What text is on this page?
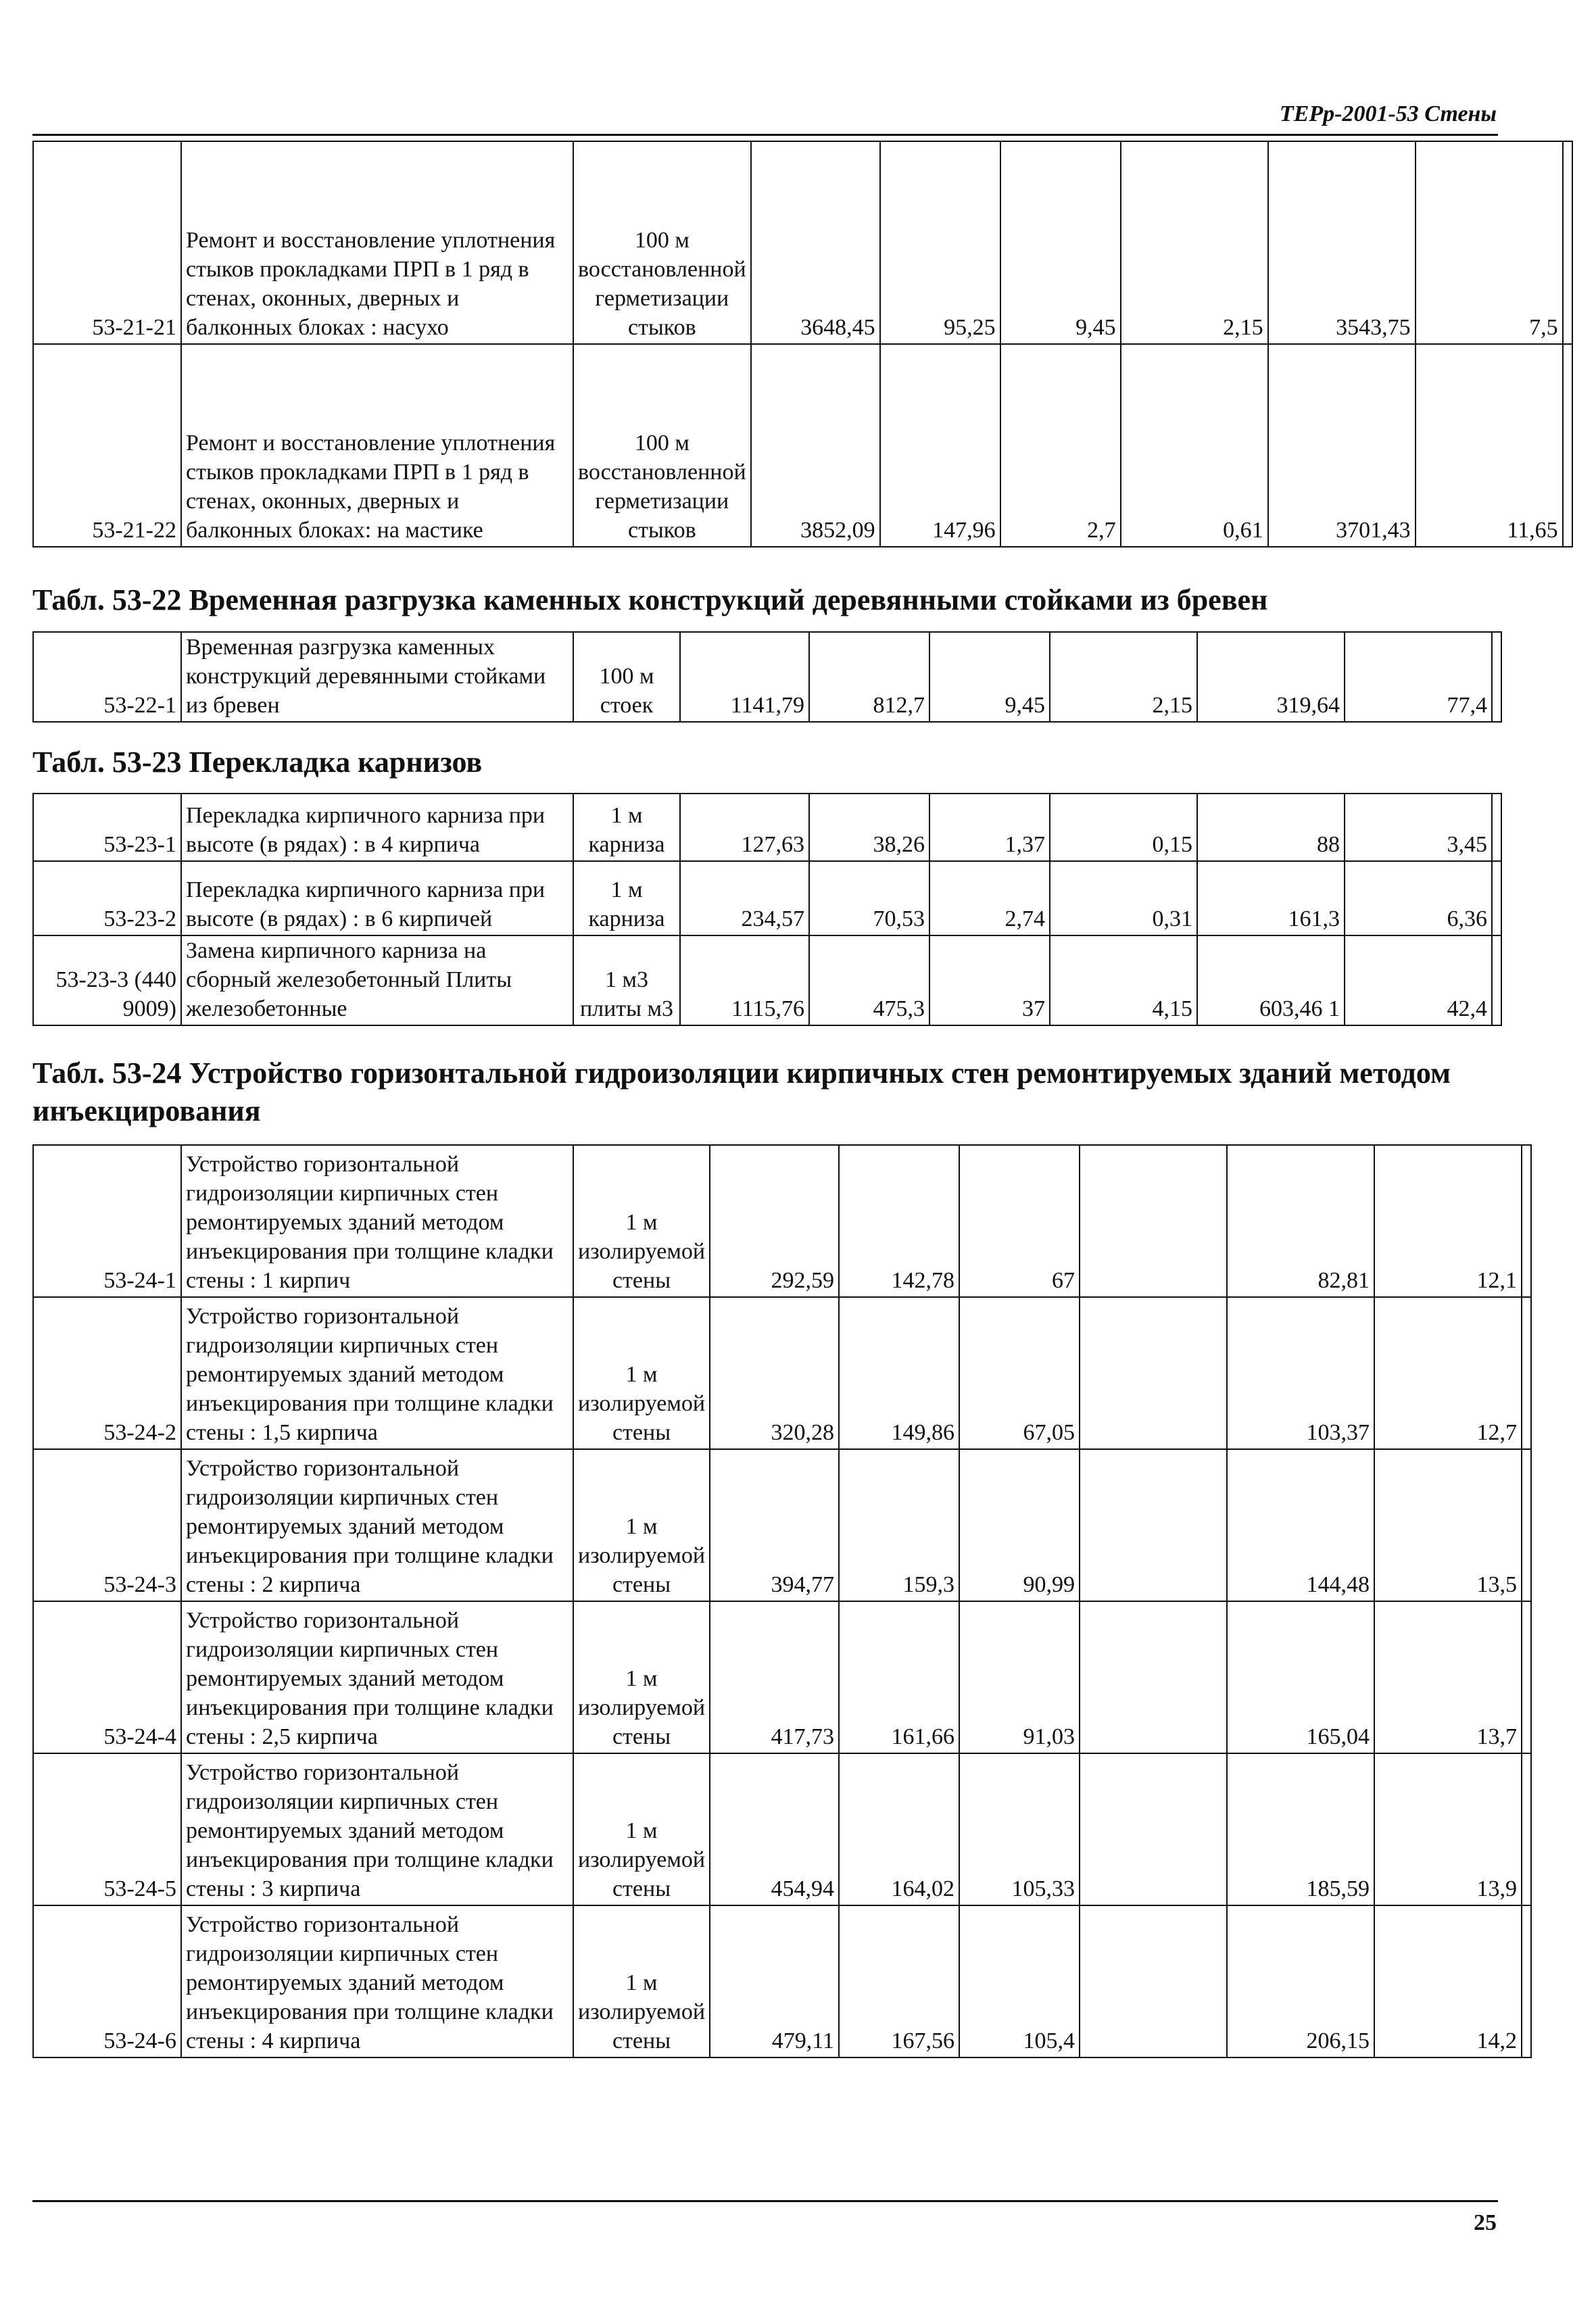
ТЕРр-2001-53 Стены
53-21-21	Ремонт и восстановление уплотнения стыков прокладками ПРП в 1 ряд в стенах, оконных, дверных и балконных блоках : насухо	100 м восстановленной герметизации стыков	3648,45	95,25	9,45	2,15	3543,75	7,5	
53-21-22	Ремонт и восстановление уплотнения стыков прокладками ПРП в 1 ряд в стенах, оконных, дверных и балконных блоках: на мастике	100 м восстановленной герметизации стыков	3852,09	147,96	2,7	0,61	3701,43	11,65	
Табл. 53-22 Временная разгрузка каменных конструкций деревянными стойками из бревен
53-22-1	Временная разгрузка каменных конструкций деревянными стойками из бревен	100 м стоек	1141,79	812,7	9,45	2,15	319,64	77,4	
Табл. 53-23 Перекладка карнизов
53-23-1	Перекладка кирпичного карниза при высоте (в рядах) : в 4 кирпича	1 м карниза	127,63	38,26	1,37	0,15	88	3,45	
53-23-2	Перекладка кирпичного карниза при высоте (в рядах) : в 6 кирпичей	1 м карниза	234,57	70,53	2,74	0,31	161,3	6,36	
53-23-3 (440 9009)	Замена кирпичного карниза на сборный железобетонный Плиты железобетонные	1 м3 плиты м3	1115,76	475,3	37	4,15	603,46 1	42,4	
Табл. 53-24 Устройство горизонтальной гидроизоляции кирпичных стен ремонтируемых зданий методом инъекцирования
53-24-1	Устройство горизонтальной гидроизоляции кирпичных стен ремонтируемых зданий методом инъекцирования при толщине кладки стены : 1 кирпич	1 м изолируемой стены	292,59	142,78	67		82,81	12,1	
53-24-2	Устройство горизонтальной гидроизоляции кирпичных стен ремонтируемых зданий методом инъекцирования при толщине кладки стены : 1,5 кирпича	1 м изолируемой стены	320,28	149,86	67,05		103,37	12,7	
53-24-3	Устройство горизонтальной гидроизоляции кирпичных стен ремонтируемых зданий методом инъекцирования при толщине кладки стены : 2 кирпича	1 м изолируемой стены	394,77	159,3	90,99		144,48	13,5	
53-24-4	Устройство горизонтальной гидроизоляции кирпичных стен ремонтируемых зданий методом инъекцирования при толщине кладки стены : 2,5 кирпича	1 м изолируемой стены	417,73	161,66	91,03		165,04	13,7	
53-24-5	Устройство горизонтальной гидроизоляции кирпичных стен ремонтируемых зданий методом инъекцирования при толщине кладки стены : 3 кирпича	1 м изолируемой стены	454,94	164,02	105,33		185,59	13,9	
53-24-6	Устройство горизонтальной гидроизоляции кирпичных стен ремонтируемых зданий методом инъекцирования при толщине кладки стены : 4 кирпича	1 м изолируемой стены	479,11	167,56	105,4		206,15	14,2	
25
